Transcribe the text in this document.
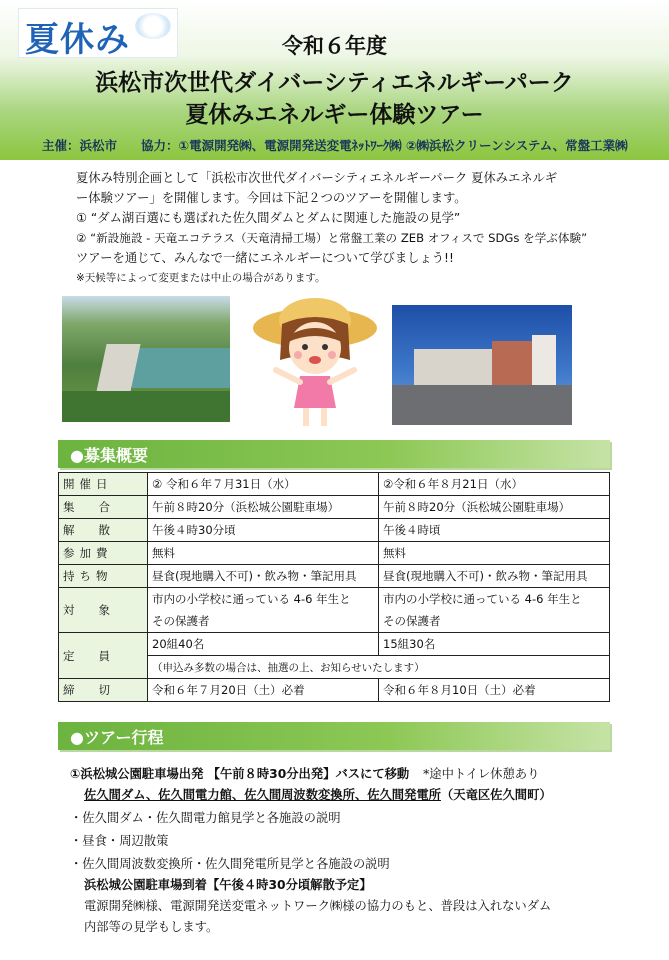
夏休み	令和６年度
浜松市次世代ダイバーシティエネルギーパーク
夏休みエネルギー体験ツアー
主催：浜松市 協力：①電源開発㈱、電源開発送変電ﾈｯﾄﾜｰｸ㈱ ②㈱浜松クリーンシステム、常盤工業㈱

夏休み特別企画として「浜松市次世代ダイバーシティエネルギーパーク 夏休みエネルギ

ー体験ツアー」を開催します。今回は下記２つのツアーを開催します。

① “ダム湖百選にも選ばれた佐久間ダムとダムに関連した施設の見学”

② “新設施設 - 天竜エコテラス（天竜清掃工場）と常盤工業の ZEB オフィスで SDGs を学ぶ体験”

ツアーを通じて、みんなで一緒にエネルギーについて学びましょう!!

※天候等によって変更または中止の場合があります。

●募集概要
開催日	② 令和６年７月31日（水）	②令和６年８月21日（水）
集合	午前８時20分（浜松城公園駐車場）	午前８時20分（浜松城公園駐車場）
解散	午後４時30分頃	午後４時頃
参加費	無料	無料
持ち物	昼食(現地購入不可)・飲み物・筆記用具	昼食(現地購入不可)・飲み物・筆記用具
対象	市内の小学校に通っている 4-6 年生と	市内の小学校に通っている 4-6 年生と
	その保護者	その保護者
定員	20組40名	15組30名
	（申込み多数の場合は、抽選の上、お知らせいたします）	
締切	令和６年７月20日（土）必着	令和６年８月10日（土）必着
●ツアー行程

①浜松城公園駐車場出発 【午前８時30分出発】バスにて移動 *途中トイレ休憩あり

佐久間ダム、佐久間電力館、佐久間周波数変換所、佐久間発電所（天竜区佐久間町）

・佐久間ダム・佐久間電力館見学と各施設の説明

・昼食・周辺散策

・佐久間周波数変換所・佐久間発電所見学と各施設の説明

浜松城公園駐車場到着【午後４時30分頃解散予定】

電源開発㈱様、電源開発送変電ネットワーク㈱様の協力のもと、普段は入れないダム

内部等の見学もします。
